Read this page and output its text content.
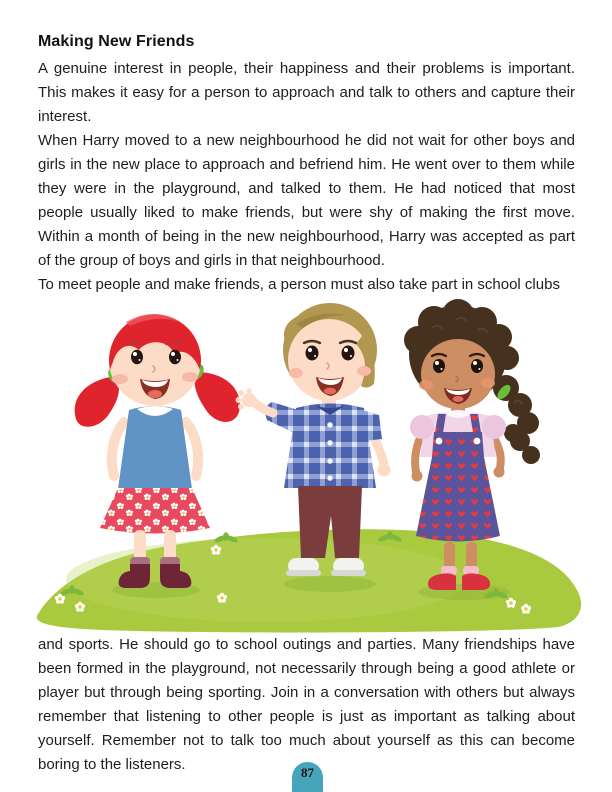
Making New Friends
A genuine interest in people, their happiness and their problems is important. This makes it easy for a person to approach and talk to others and capture their interest.
When Harry moved to a new neighbourhood he did not wait for other boys and girls in the new place to approach and befriend him. He went over to them while they were in the playground, and talked to them. He had noticed that most people usually liked to make friends, but were shy of making the first move. Within a month of being in the new neighbourhood, Harry was accepted as part of the group of boys and girls in that neighbourhood.
To meet people and make friends, a person must also take part in school clubs
and sports. He should go to school outings and parties. Many friendships have been formed in the playground, not necessarily through being a good athlete or player but through being sporting. Join in a conversation with others but always remember that listening to other people is just as important as talking about yourself. Remember not to talk too much about yourself as this can become boring to the listeners.	87
